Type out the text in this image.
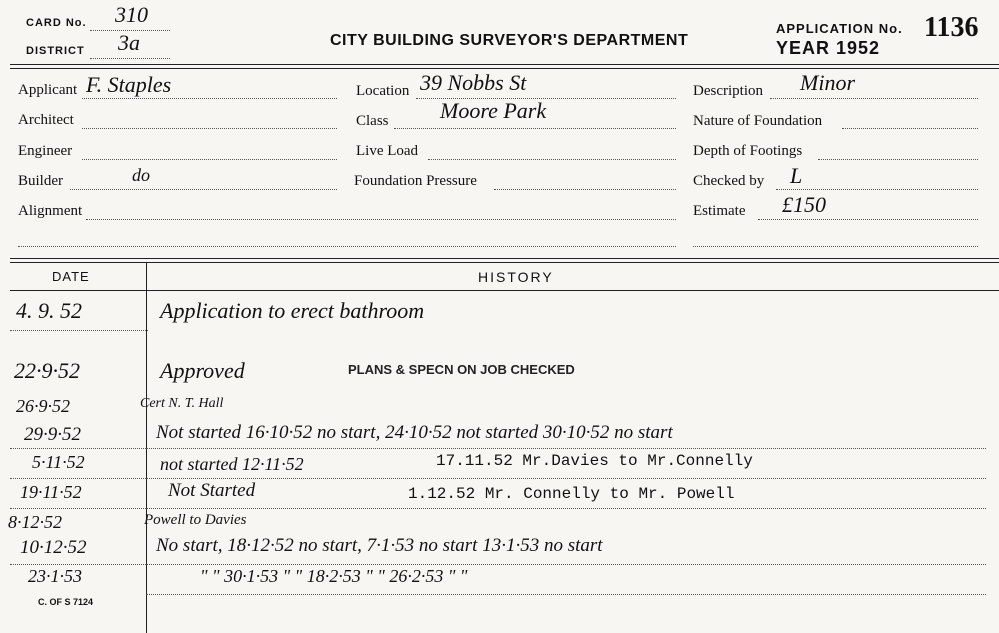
CARD No. 310
DISTRICT 3a	CITY BUILDING SURVEYOR'S DEPARTMENT
APPLICATION No. 1136
YEAR 1952
Applicant F. Staples
Architect
Engineer
Builder	do
Alignment
Location 39 Nobbs St
Class Moore Park
Live Load
Foundation Pressure
Description Minor
Nature of Foundation
Depth of Footings
Checked by L
Estimate £150
DATE	HISTORY
4. 9. 52	Application to erect bathroom
22·9·52	Approved	PLANS & SPECN ON JOB CHECKED
26·9·52	Cert N. T. Hall
29·9·52	Not started 16·10·52 no start, 24·10·52 not started 30·10·52 no start
5·11·52	not started 12·11·52	17.11.52 Mr.Davies to Mr.Connelly
19·11·52	Not Started	1.12.52 Mr. Connelly to Mr. Powell
8·12·52	Powell to Davies
10·12·52	No start, 18·12·52 no start, 7·1·53 no start 13·1·53 no start
23·1·53	" " 30·1·53 " " 18·2·53 " " 26·2·53 " "
C. OF S 7124
